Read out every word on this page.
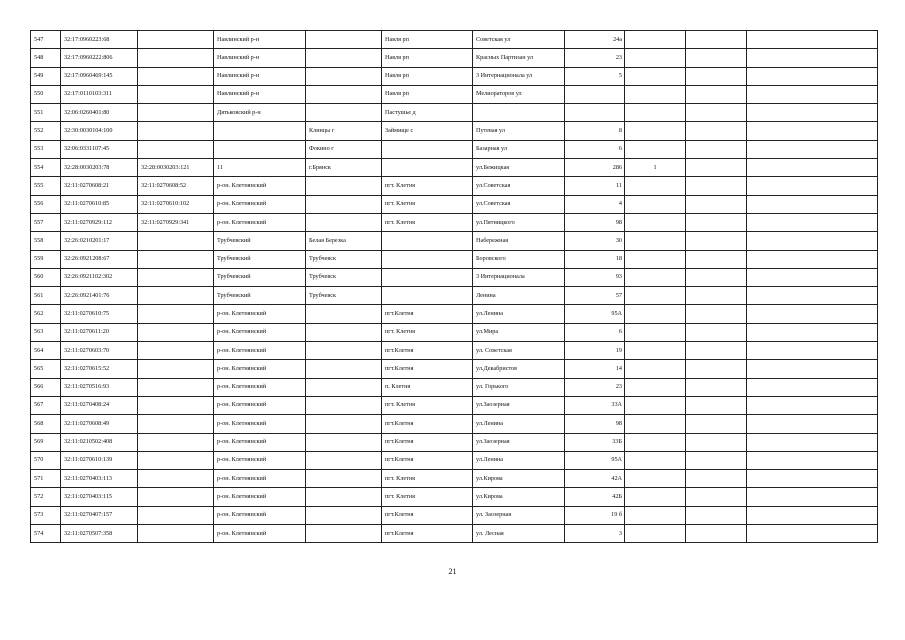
547	32:17:0960223:68		Навлинский р-н		Навля рп	Советская ул	24а			
548	32:17:0960222:806		Навлинский р-н		Навля рп	Красных Партизан ул	23			
549	32:17:0960469:145		Навлинский р-н		Навля рп	3 Интернационала ул	5			
550	32:17:0110103:311		Навлинский р-н		Навля рп	Мелиораторов ул				
551	32:06:0260401:80		Дятьковский р-н		Пастушье д					
552	32:30:0030104:100			Клинцы г	Займище с	Путевая ул	8			
553	32:06:0331107:45			Фокино г		Базарная ул	6			
554	32:28:0030203:78	32:28:0030203:121	11	г.Брянск		ул.Бежицкая	286	1		
555	32:11:0270608:21	32:11:0270608:52	р-он. Клетнянский		пгт. Клетня	ул.Советская	11			
556	32:11:0270610:85	32:11:0270610:102	р-он. Клетнянский		пгт. Клетня	ул.Советская	4			
557	32:11:0270929:112	32:11:0270929:341	р-он. Клетнянский		пгт. Клетня	ул.Пятницкого	98			
558	32:26:0210201:17		Трубчевский	Белая Березка		Набережная	30			
559	32:26:0921208:67		Трубчевский	Трубчевск		Боровского	18			
560	32:26:0921102:302		Трубчевский	Трубчевск		3 Интернационала	93			
561	32:26:0921401:76		Трубчевский	Трубчевск		Ленина	57			
562	32:11:0270610:75		р-он. Клетнянский		пгт.Клетня	ул.Ленина	95А			
563	32:11:0270611:20		р-он. Клетнянский		пгт. Клетня	ул.Мира	6			
564	32:11:0270603:70		р-он. Клетнянский		пгт.Клетня	ул. Советская	19			
565	32:11:0270615:52		р-он. Клетнянский		пгт.Клетня	ул.Декабристов	14			
566	32:11:0270516:93		р-он. Клетнянский		п. Клетня	ул. Горького	23			
567	32:11:0270408:24		р-он. Клетнянский		пгт. Клетня	ул.Заозерная	33А			
568	32:11:0270608:49		р-он. Клетнянский		пгт.Клетня	ул.Ленина	98			
569	32:11:0210502:408		р-он. Клетнянский		пгт.Клетня	ул.Заозерная	33Б			
570	32:11:0270610:139		р-он. Клетнянский		пгт.Клетня	ул.Ленина	95А			
571	32:11:0270403:113		р-он. Клетнянский		пгт. Клетня	ул.Кирова	42А			
572	32:11:0270403:115		р-он. Клетнянский		пгт. Клетня	ул.Кирова	42Б			
573	32:11:0270407:157		р-он. Клетнянский		пгт.Клетня	ул. Заозерная	19 б			
574	32:11:0270507:358		р-он. Клетнянский		пгт.Клетня	ул. Лесная	3			
21
